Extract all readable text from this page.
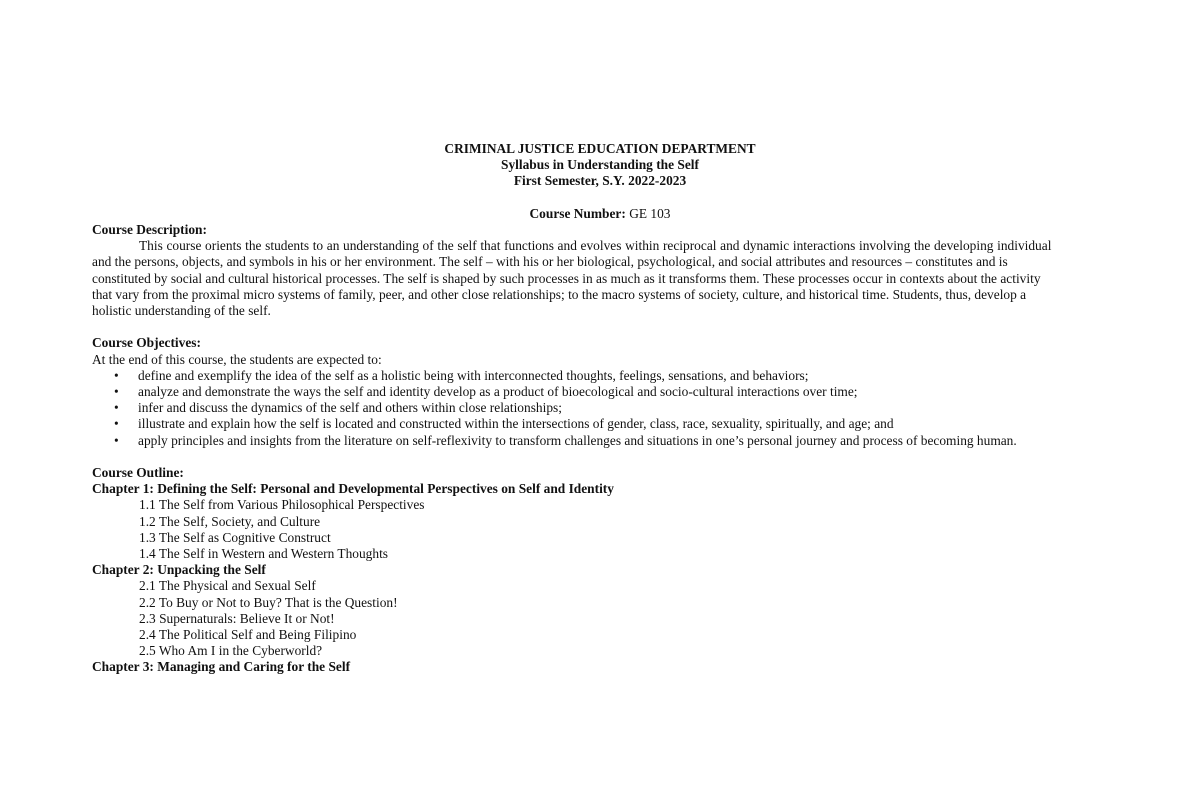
CRIMINAL JUSTICE EDUCATION DEPARTMENT
Syllabus in Understanding the Self
First Semester, S.Y. 2022-2023
Course Number: GE 103
Course Description:
This course orients the students to an understanding of the self that functions and evolves within reciprocal and dynamic interactions involving the developing individual
and the persons, objects, and symbols in his or her environment. The self – with his or her biological, psychological, and social attributes and resources – constitutes and is
constituted by social and cultural historical processes. The self is shaped by such processes in as much as it transforms them. These processes occur in contexts about the activity
that vary from the proximal micro systems of family, peer, and other close relationships; to the macro systems of society, culture, and historical time. Students, thus, develop a
holistic understanding of the self.
Course Objectives:
At the end of this course, the students are expected to:
• define and exemplify the idea of the self as a holistic being with interconnected thoughts, feelings, sensations, and behaviors;
• analyze and demonstrate the ways the self and identity develop as a product of bioecological and socio-cultural interactions over time;
• infer and discuss the dynamics of the self and others within close relationships;
• illustrate and explain how the self is located and constructed within the intersections of gender, class, race, sexuality, spiritually, and age; and
• apply principles and insights from the literature on self-reflexivity to transform challenges and situations in one’s personal journey and process of becoming human.
Course Outline:
Chapter 1: Defining the Self: Personal and Developmental Perspectives on Self and Identity
1.1 The Self from Various Philosophical Perspectives
1.2 The Self, Society, and Culture
1.3 The Self as Cognitive Construct
1.4 The Self in Western and Western Thoughts
Chapter 2: Unpacking the Self
2.1 The Physical and Sexual Self
2.2 To Buy or Not to Buy? That is the Question!
2.3 Supernaturals: Believe It or Not!
2.4 The Political Self and Being Filipino
2.5 Who Am I in the Cyberworld?
Chapter 3: Managing and Caring for the Self
